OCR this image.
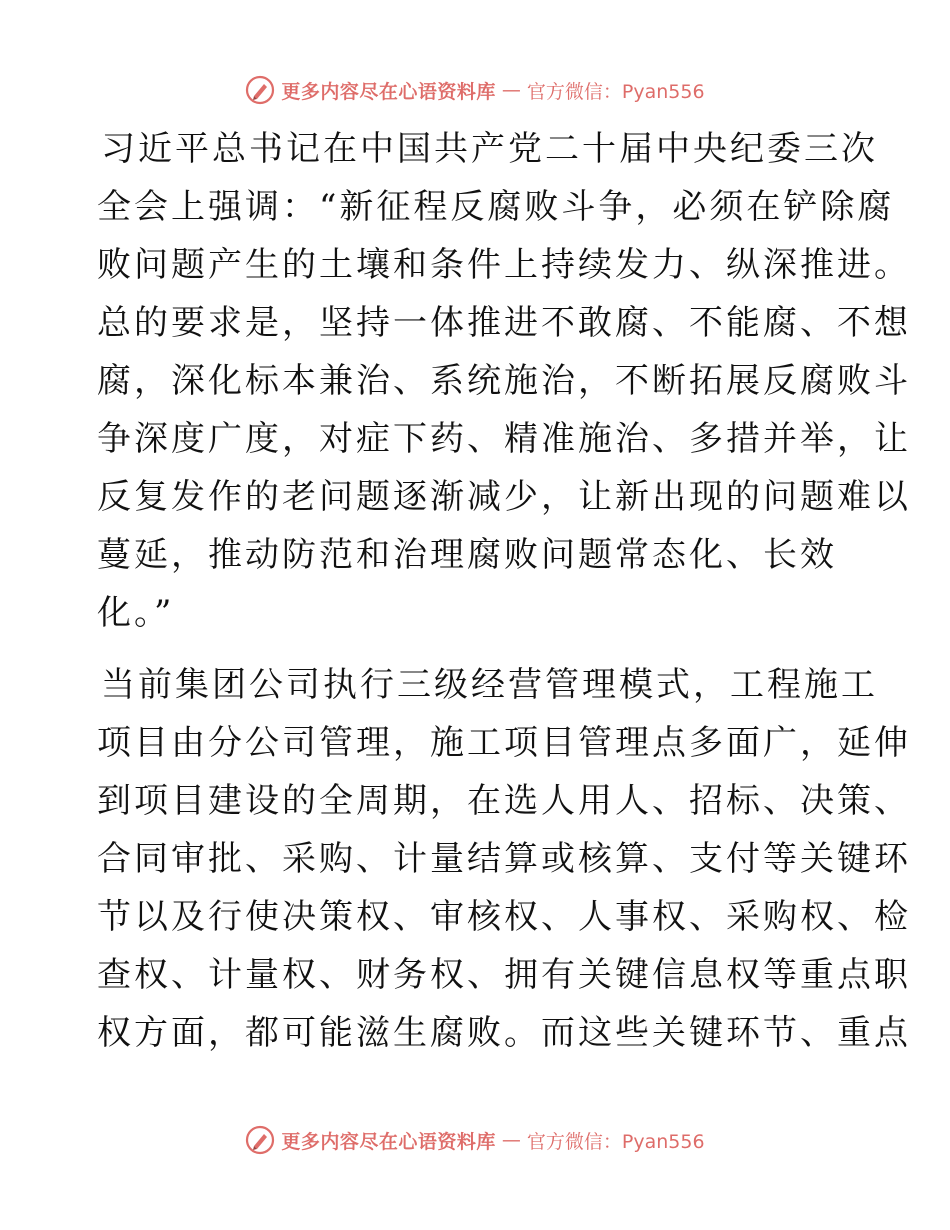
更多内容尽在心语资料库 — 官方微信：Pyan556

习近平总书记在中国共产党二十届中央纪委三次
全会上强调：“新征程反腐败斗争，必须在铲除腐
败问题产生的土壤和条件上持续发力、纵深推进。
总的要求是，坚持一体推进不敢腐、不能腐、不想
腐，深化标本兼治、系统施治，不断拓展反腐败斗
争深度广度，对症下药、精准施治、多措并举，让
反复发作的老问题逐渐减少，让新出现的问题难以
蔓延，推动防范和治理腐败问题常态化、长效
化。”

当前集团公司执行三级经营管理模式，工程施工
项目由分公司管理，施工项目管理点多面广，延伸
到项目建设的全周期，在选人用人、招标、决策、
合同审批、采购、计量结算或核算、支付等关键环
节以及行使决策权、审核权、人事权、采购权、检
查权、计量权、财务权、拥有关键信息权等重点职
权方面，都可能滋生腐败。而这些关键环节、重点

更多内容尽在心语资料库 — 官方微信：Pyan556
